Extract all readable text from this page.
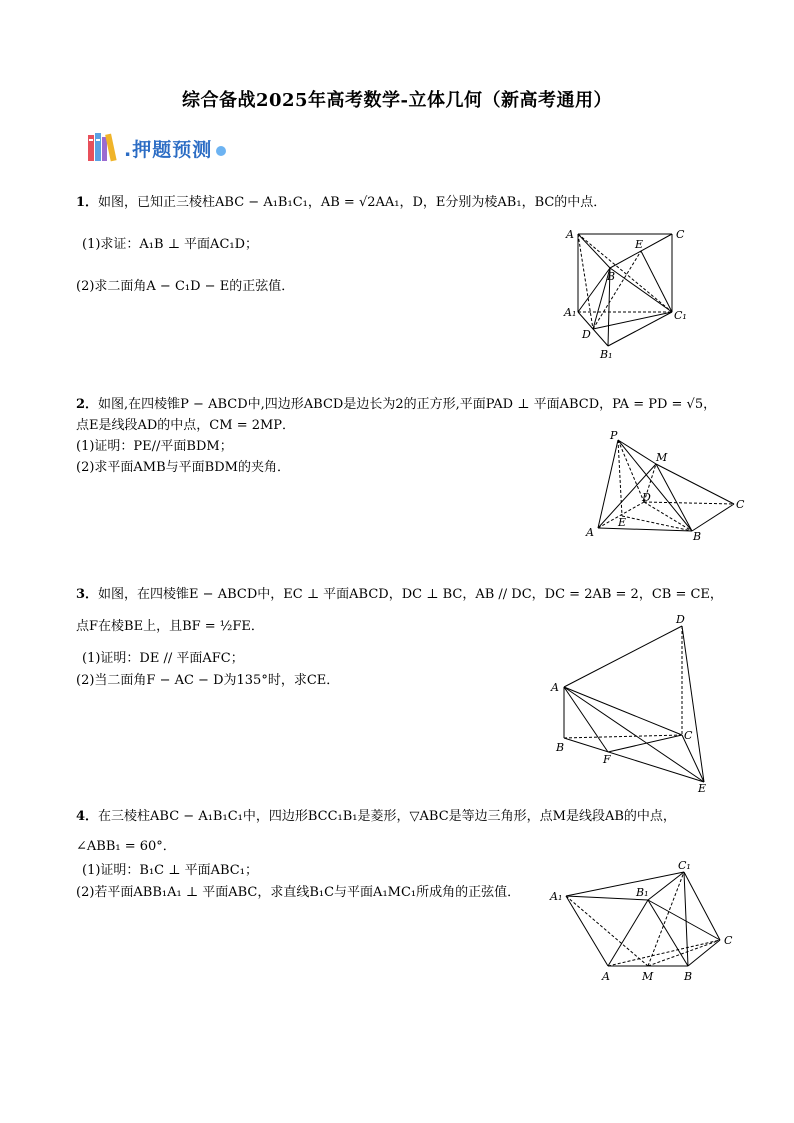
综合备战2025年高考数学-立体几何（新高考通用）
.押题预测
1．如图，已知正三棱柱ABC − A₁B₁C₁，AB = √2AA₁，D，E分别为棱AB₁，BC的中点．
(1)求证：A₁B ⊥ 平面AC₁D；
(2)求二面角A − C₁D − E的正弦值．
A	C
E
B
A₁	C₁
D
B₁
2．如图,在四棱锥P − ABCD中,四边形ABCD是边长为2的正方形,平面PAD ⊥ 平面ABCD，PA = PD = √5，
点E是线段AD的中点，CM = 2MP．
(1)证明：PE//平面BDM；
(2)求平面AMB与平面BDM的夹角．
P
M
D
C
A
E
B
3．如图，在四棱锥E − ABCD中，EC ⊥ 平面ABCD，DC ⊥ BC，AB // DC，DC = 2AB = 2，CB = CE，
点F在棱BE上，且BF = ½FE．
(1)证明：DE // 平面AFC；
(2)当二面角F − AC − D为135°时，求CE．
D
A
C
B
F
E
4．在三棱柱ABC − A₁B₁C₁中，四边形BCC₁B₁是菱形，▽ABC是等边三角形，点M是线段AB的中点，
∠ABB₁ = 60°．
(1)证明：B₁C ⊥ 平面ABC₁；
(2)若平面ABB₁A₁ ⊥ 平面ABC，求直线B₁C与平面A₁MC₁所成角的正弦值．
C₁
A₁	B₁
C
A	M	B
